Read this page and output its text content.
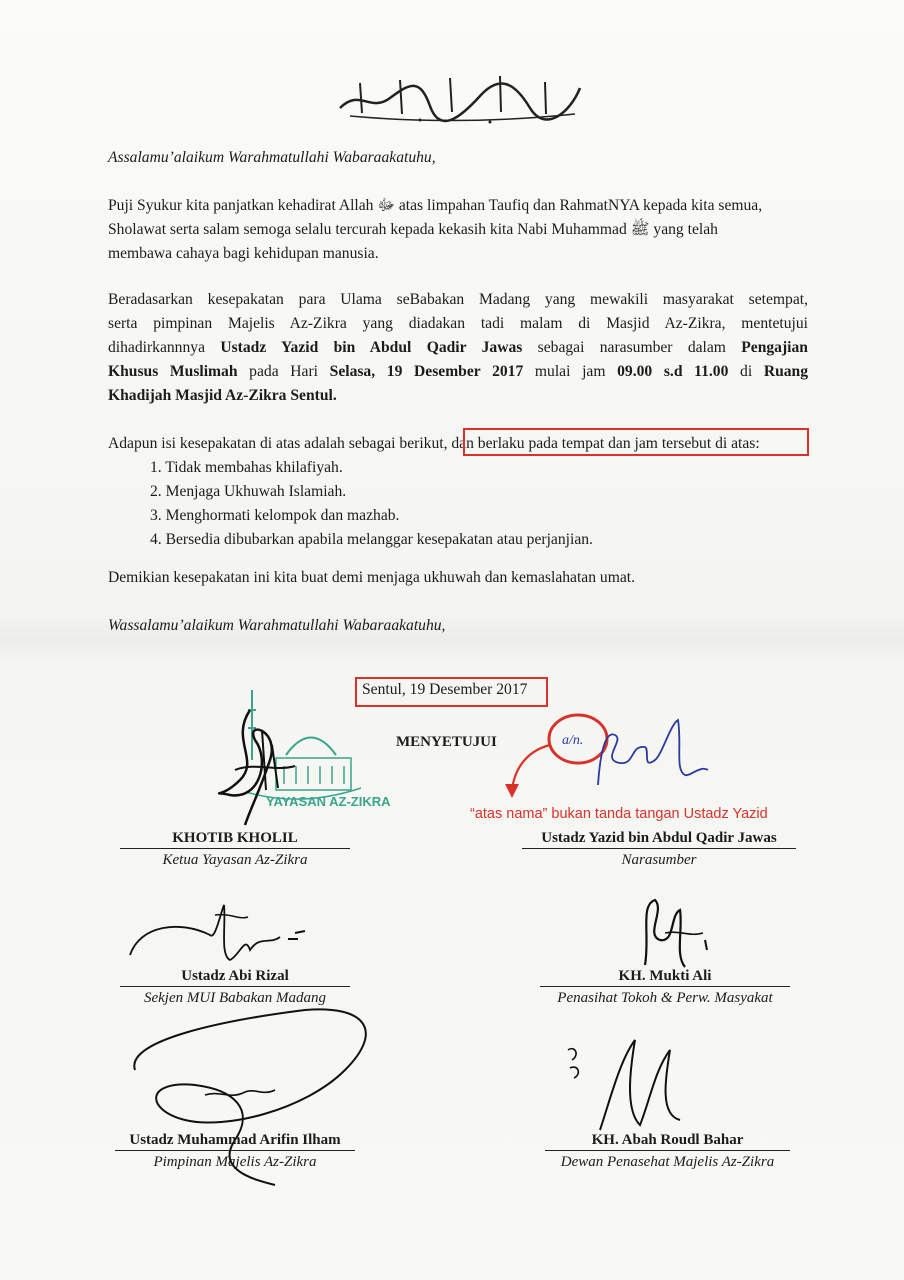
Assalamu’alaikum Warahmatullahi Wabaraakatuhu,

Puji Syukur kita panjatkan kehadirat Allah ﷻ atas limpahan Taufiq dan RahmatNYA kepada kita semua,
Sholawat serta salam semoga selalu tercurah kepada kekasih kita Nabi Muhammad ﷺ yang telah
membawa cahaya bagi kehidupan manusia.

Beradasarkan kesepakatan para Ulama seBabakan Madang yang mewakili masyarakat setempat,
serta pimpinan Majelis Az-Zikra yang diadakan tadi malam di Masjid Az-Zikra, mentetujui
dihadirkannnya Ustadz Yazid bin Abdul Qadir Jawas sebagai narasumber dalam Pengajian
Khusus Muslimah pada Hari Selasa, 19 Desember 2017 mulai jam 09.00 s.d 11.00 di Ruang
Khadijah Masjid Az-Zikra Sentul.

Adapun isi kesepakatan di atas adalah sebagai berikut, dan berlaku pada tempat dan jam tersebut di atas:

1. Tidak membahas khilafiyah.
2. Menjaga Ukhuwah Islamiah.
3. Menghormati kelompok dan mazhab.
4. Bersedia dibubarkan apabila melanggar kesepakatan atau perjanjian.

Demikian kesepakatan ini kita buat demi menjaga ukhuwah dan kemaslahatan umat.

Wassalamu’alaikum Warahmatullahi Wabaraakatuhu,

Sentul, 19 Desember 2017
MENYETUJUI
YAYASAN AZ-ZIKRA
a/n.
“atas nama” bukan tanda tangan Ustadz Yazid
KHOTIB KHOLIL
Ketua Yayasan Az-Zikra
Ustadz Yazid bin Abdul Qadir Jawas
Narasumber
Ustadz Abi Rizal
Sekjen MUI Babakan Madang
KH. Mukti Ali
Penasihat Tokoh & Perw. Masyakat
Ustadz Muhammad Arifin Ilham
Pimpinan Majelis Az-Zikra
KH. Abah Roudl Bahar
Dewan Penasehat Majelis Az-Zikra
